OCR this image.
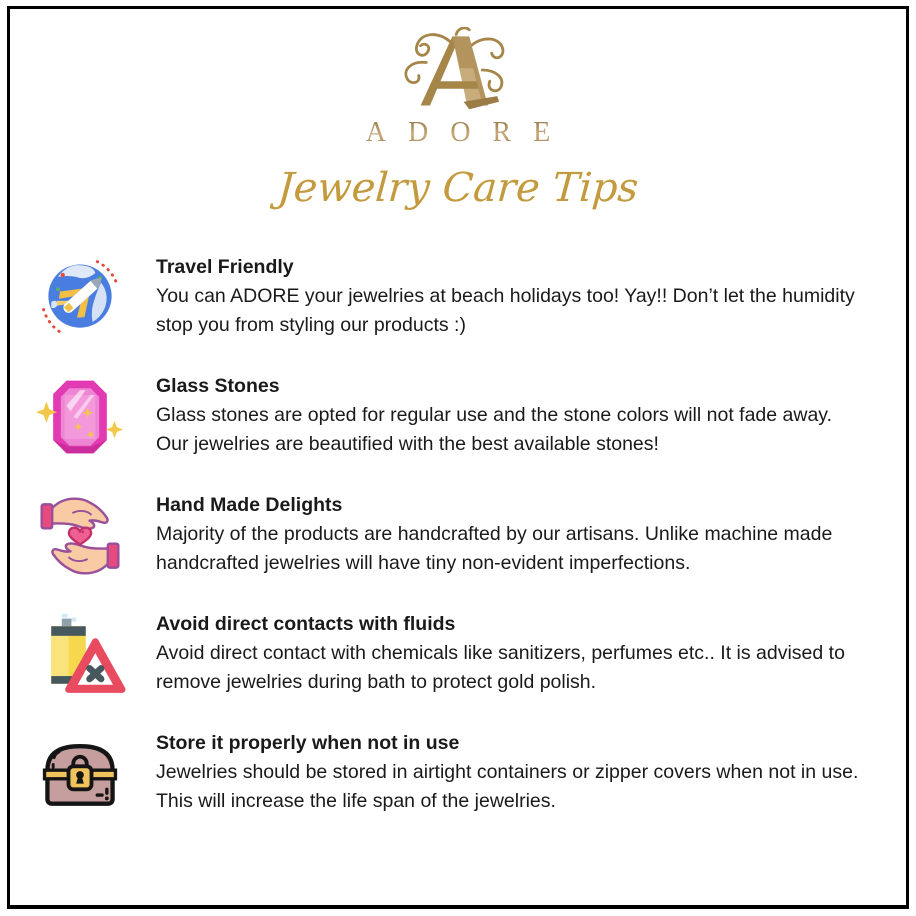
ADORE
Jewelry Care Tips
Travel Friendly
You can ADORE your jewelries at beach holidays too! Yay!! Don’t let the humidity stop you from styling our products :)
Glass Stones
Glass stones are opted for regular use and the stone colors will not fade away. Our jewelries are beautified with the best available stones!
Hand Made Delights
Majority of the products are handcrafted by our artisans. Unlike machine made handcrafted jewelries will have tiny non-evident imperfections.
Avoid direct contacts with fluids
Avoid direct contact with chemicals like sanitizers, perfumes etc.. It is advised to remove jewelries during bath to protect gold polish.
Store it properly when not in use
Jewelries should be stored in airtight containers or zipper covers when not in use. This will increase the life span of the jewelries.
